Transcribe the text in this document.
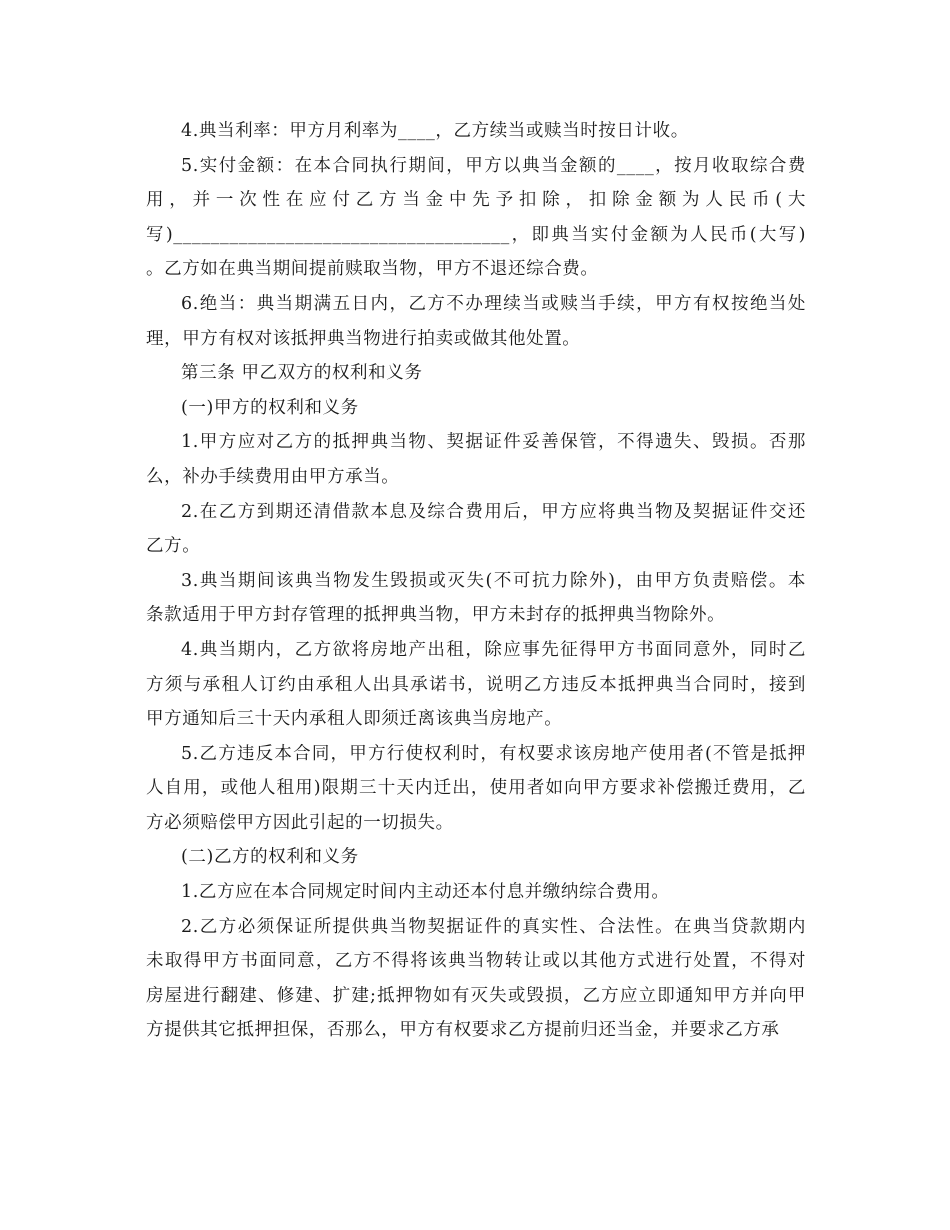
4.典当利率：甲方月利率为____，乙方续当或赎当时按日计收。
5.实付金额：在本合同执行期间，甲方以典当金额的____，按月收取综合费
用，并一次性在应付乙方当金中先予扣除，扣除金额为人民币(大
写)____________________________________，即典当实付金额为人民币(大写)
。乙方如在典当期间提前赎取当物，甲方不退还综合费。
6.绝当：典当期满五日内，乙方不办理续当或赎当手续，甲方有权按绝当处
理，甲方有权对该抵押典当物进行拍卖或做其他处置。
第三条 甲乙双方的权利和义务
(一)甲方的权利和义务
1.甲方应对乙方的抵押典当物、契据证件妥善保管，不得遗失、毁损。否那
么，补办手续费用由甲方承当。
2.在乙方到期还清借款本息及综合费用后，甲方应将典当物及契据证件交还
乙方。
3.典当期间该典当物发生毁损或灭失(不可抗力除外)，由甲方负责赔偿。本
条款适用于甲方封存管理的抵押典当物，甲方未封存的抵押典当物除外。
4.典当期内，乙方欲将房地产出租，除应事先征得甲方书面同意外，同时乙
方须与承租人订约由承租人出具承诺书，说明乙方违反本抵押典当合同时，接到
甲方通知后三十天内承租人即须迁离该典当房地产。
5.乙方违反本合同，甲方行使权利时，有权要求该房地产使用者(不管是抵押
人自用，或他人租用)限期三十天内迁出，使用者如向甲方要求补偿搬迁费用，乙
方必须赔偿甲方因此引起的一切损失。
(二)乙方的权利和义务
1.乙方应在本合同规定时间内主动还本付息并缴纳综合费用。
2.乙方必须保证所提供典当物契据证件的真实性、合法性。在典当贷款期内
未取得甲方书面同意，乙方不得将该典当物转让或以其他方式进行处置，不得对
房屋进行翻建、修建、扩建;抵押物如有灭失或毁损，乙方应立即通知甲方并向甲
方提供其它抵押担保，否那么，甲方有权要求乙方提前归还当金，并要求乙方承
